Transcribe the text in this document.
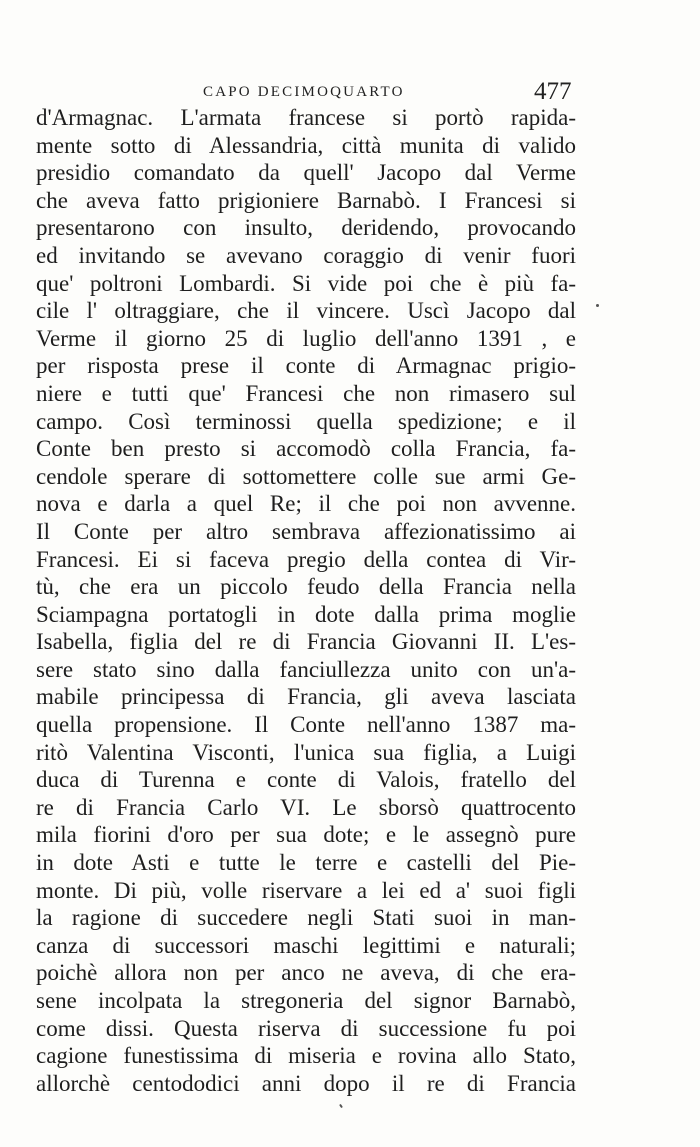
CAPO DECIMOQUARTO	477
d'Armagnac. L'armata francese si portò rapida-
mente sotto di Alessandria, città munita di valido
presidio comandato da quell' Jacopo dal Verme
che aveva fatto prigioniere Barnabò. I Francesi si
presentarono con insulto, deridendo, provocando
ed invitando se avevano coraggio di venir fuori
que' poltroni Lombardi. Si vide poi che è più fa-
cile l' oltraggiare, che il vincere. Uscì Jacopo dal
Verme il giorno 25 di luglio dell'anno 1391 , e
per risposta prese il conte di Armagnac prigio-
niere e tutti que' Francesi che non rimasero sul
campo. Così terminossi quella spedizione; e il
Conte ben presto si accomodò colla Francia, fa-
cendole sperare di sottomettere colle sue armi Ge-
nova e darla a quel Re; il che poi non avvenne.
Il Conte per altro sembrava affezionatissimo ai
Francesi. Ei si faceva pregio della contea di Vir-
tù, che era un piccolo feudo della Francia nella
Sciampagna portatogli in dote dalla prima moglie
Isabella, figlia del re di Francia Giovanni II. L'es-
sere stato sino dalla fanciullezza unito con un'a-
mabile principessa di Francia, gli aveva lasciata
quella propensione. Il Conte nell'anno 1387 ma-
ritò Valentina Visconti, l'unica sua figlia, a Luigi
duca di Turenna e conte di Valois, fratello del
re di Francia Carlo VI. Le sborsò quattrocento
mila fiorini d'oro per sua dote; e le assegnò pure
in dote Asti e tutte le terre e castelli del Pie-
monte. Di più, volle riservare a lei ed a' suoi figli
la ragione di succedere negli Stati suoi in man-
canza di successori maschi legittimi e naturali;
poichè allora non per anco ne aveva, di che era-
sene incolpata la stregoneria del signor Barnabò,
come dissi. Questa riserva di successione fu poi
cagione funestissima di miseria e rovina allo Stato,
allorchè centododici anni dopo il re di Francia
